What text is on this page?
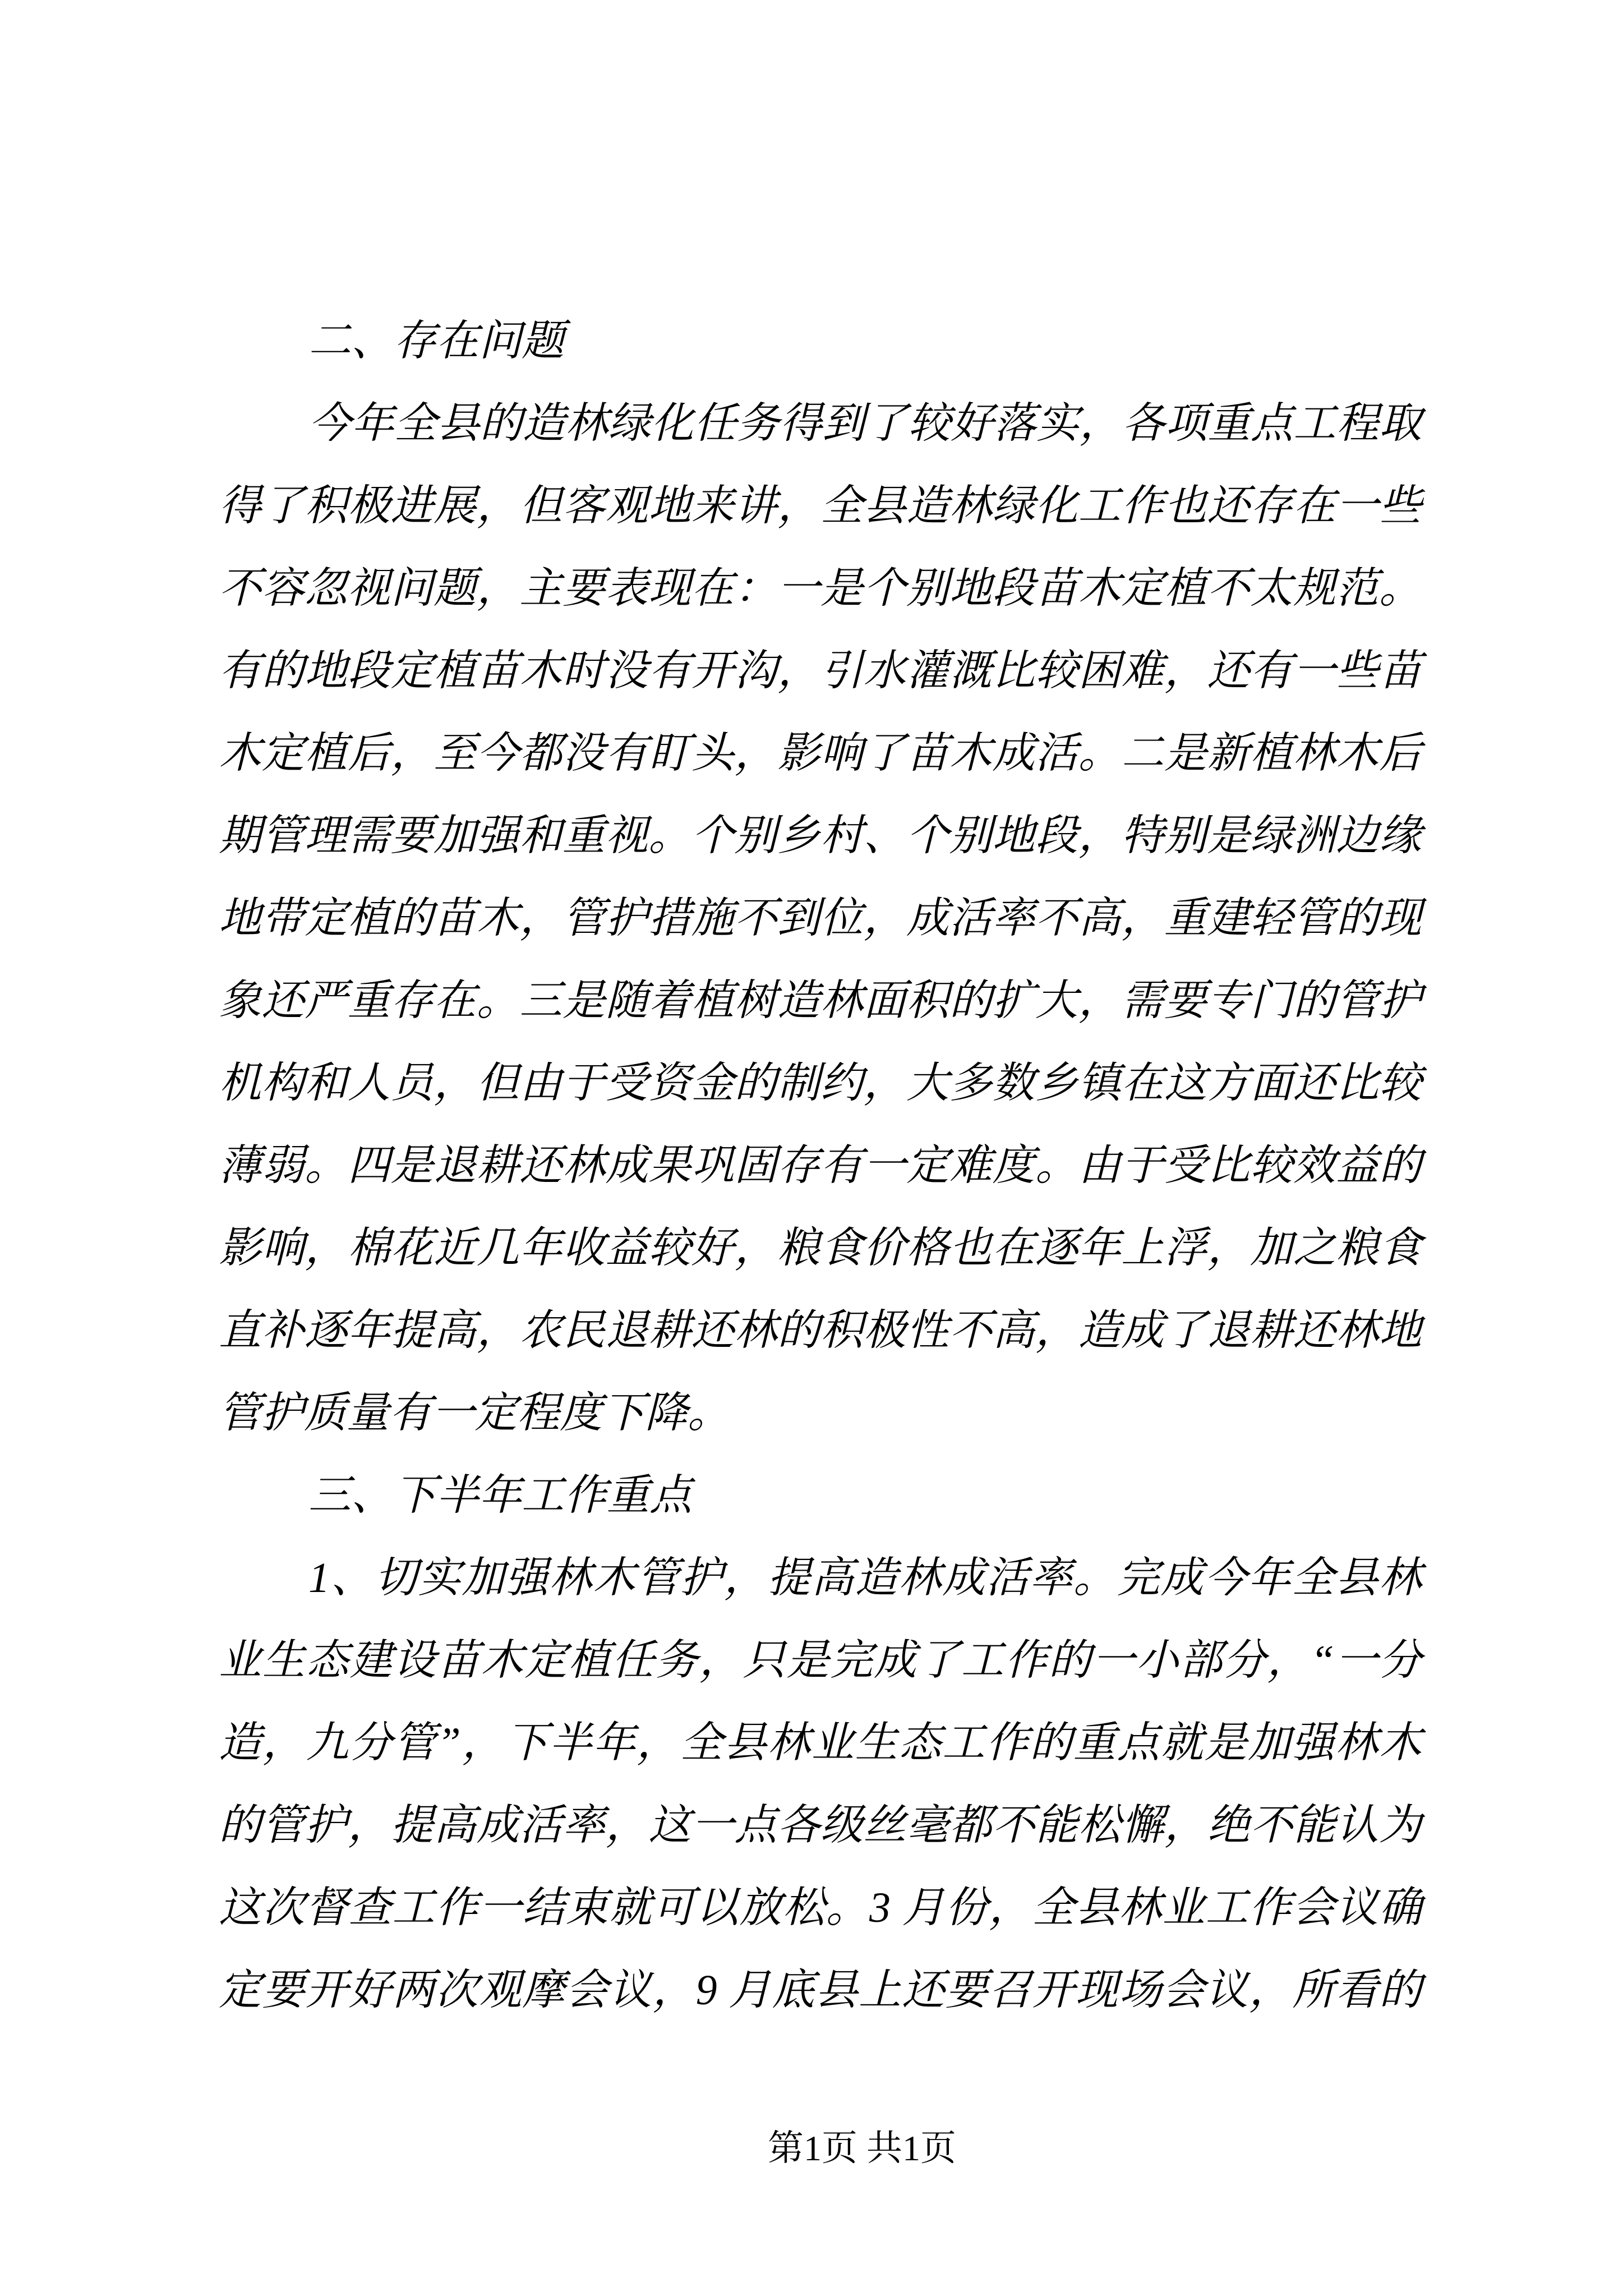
二、存在问题
今年全县的造林绿化任务得到了较好落实，各项重点工程取
得了积极进展，但客观地来讲，全县造林绿化工作也还存在一些
不容忽视问题，主要表现在：一是个别地段苗木定植不太规范。
有的地段定植苗木时没有开沟，引水灌溉比较困难，还有一些苗
木定植后，至今都没有盯头，影响了苗木成活。二是新植林木后
期管理需要加强和重视。个别乡村、个别地段，特别是绿洲边缘
地带定植的苗木，管护措施不到位，成活率不高，重建轻管的现
象还严重存在。三是随着植树造林面积的扩大，需要专门的管护
机构和人员，但由于受资金的制约，大多数乡镇在这方面还比较
薄弱。四是退耕还林成果巩固存有一定难度。由于受比较效益的
影响，棉花近几年收益较好，粮食价格也在逐年上浮，加之粮食
直补逐年提高，农民退耕还林的积极性不高，造成了退耕还林地
管护质量有一定程度下降。
三、下半年工作重点
1、切实加强林木管护，提高造林成活率。完成今年全县林
业生态建设苗木定植任务，只是完成了工作的一小部分，“一分
造，九分管”，下半年，全县林业生态工作的重点就是加强林木
的管护，提高成活率，这一点各级丝毫都不能松懈，绝不能认为
这次督查工作一结束就可以放松。3 月份，全县林业工作会议确
定要开好两次观摩会议，9 月底县上还要召开现场会议，所看的
第1页 共1页
